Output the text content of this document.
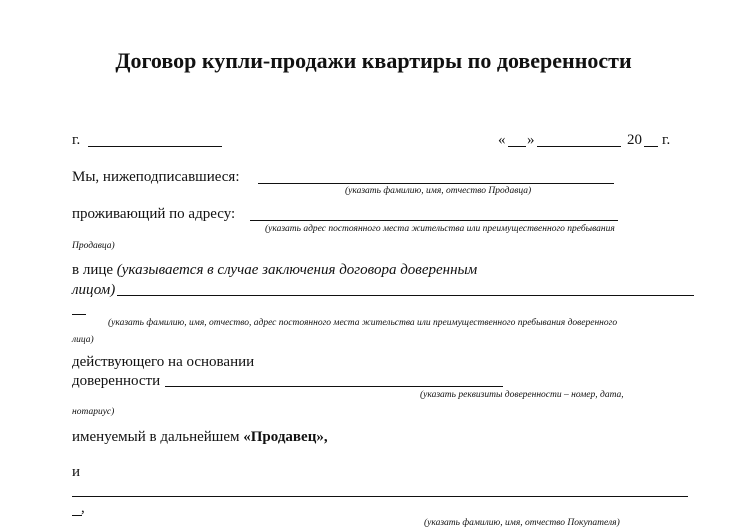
Договор купли-продажи квартиры по доверенности
г.	« »	20 г.
Мы, нижеподписавшиеся:
(указать фамилию, имя, отчество Продавца)
проживающий по адресу:
(указать адрес постоянного места жительства или преимущественного пребывания
Продавца)
в лице (указывается в случае заключения договора доверенным
лицом)
(указать фамилию, имя, отчество, адрес постоянного места жительства или преимущественного пребывания доверенного
лица)
действующего на основании
доверенности
(указать реквизиты доверенности – номер, дата,
нотариус)
именуемый в дальнейшем «Продавец»,
и
,
(указать фамилию, имя, отчество Покупателя)
